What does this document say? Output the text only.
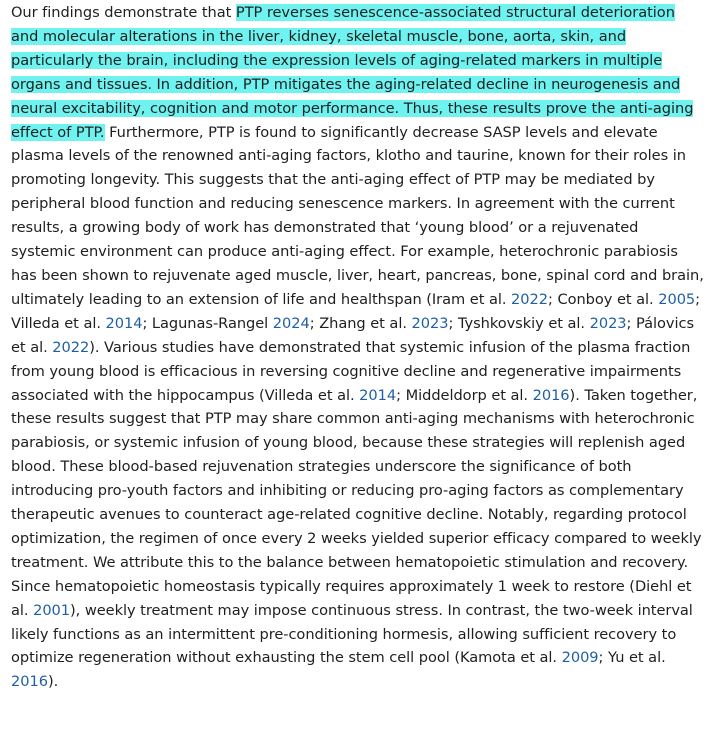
Our findings demonstrate that PTP reverses senescence-associated structural deterioration and molecular alterations in the liver, kidney, skeletal muscle, bone, aorta, skin, and particularly the brain, including the expression levels of aging-related markers in multiple organs and tissues. In addition, PTP mitigates the aging-related decline in neurogenesis and neural excitability, cognition and motor performance. Thus, these results prove the anti-aging effect of PTP. Furthermore, PTP is found to significantly decrease SASP levels and elevate plasma levels of the renowned anti-aging factors, klotho and taurine, known for their roles in promoting longevity. This suggests that the anti-aging effect of PTP may be mediated by peripheral blood function and reducing senescence markers. In agreement with the current results, a growing body of work has demonstrated that ‘young blood’ or a rejuvenated systemic environment can produce anti-aging effect. For example, heterochronic parabiosis has been shown to rejuvenate aged muscle, liver, heart, pancreas, bone, spinal cord and brain, ultimately leading to an extension of life and healthspan (Iram et al. 2022; Conboy et al. 2005; Villeda et al. 2014; Lagunas-Rangel 2024; Zhang et al. 2023; Tyshkovskiy et al. 2023; Pálovics et al. 2022). Various studies have demonstrated that systemic infusion of the plasma fraction from young blood is efficacious in reversing cognitive decline and regenerative impairments associated with the hippocampus (Villeda et al. 2014; Middeldorp et al. 2016). Taken together, these results suggest that PTP may share common anti-aging mechanisms with heterochronic parabiosis, or systemic infusion of young blood, because these strategies will replenish aged blood. These blood-based rejuvenation strategies underscore the significance of both introducing pro-youth factors and inhibiting or reducing pro-aging factors as complementary therapeutic avenues to counteract age-related cognitive decline. Notably, regarding protocol optimization, the regimen of once every 2 weeks yielded superior efficacy compared to weekly treatment. We attribute this to the balance between hematopoietic stimulation and recovery. Since hematopoietic homeostasis typically requires approximately 1 week to restore (Diehl et al. 2001), weekly treatment may impose continuous stress. In contrast, the two-week interval likely functions as an intermittent pre-conditioning hormesis, allowing sufficient recovery to optimize regeneration without exhausting the stem cell pool (Kamota et al. 2009; Yu et al. 2016).
